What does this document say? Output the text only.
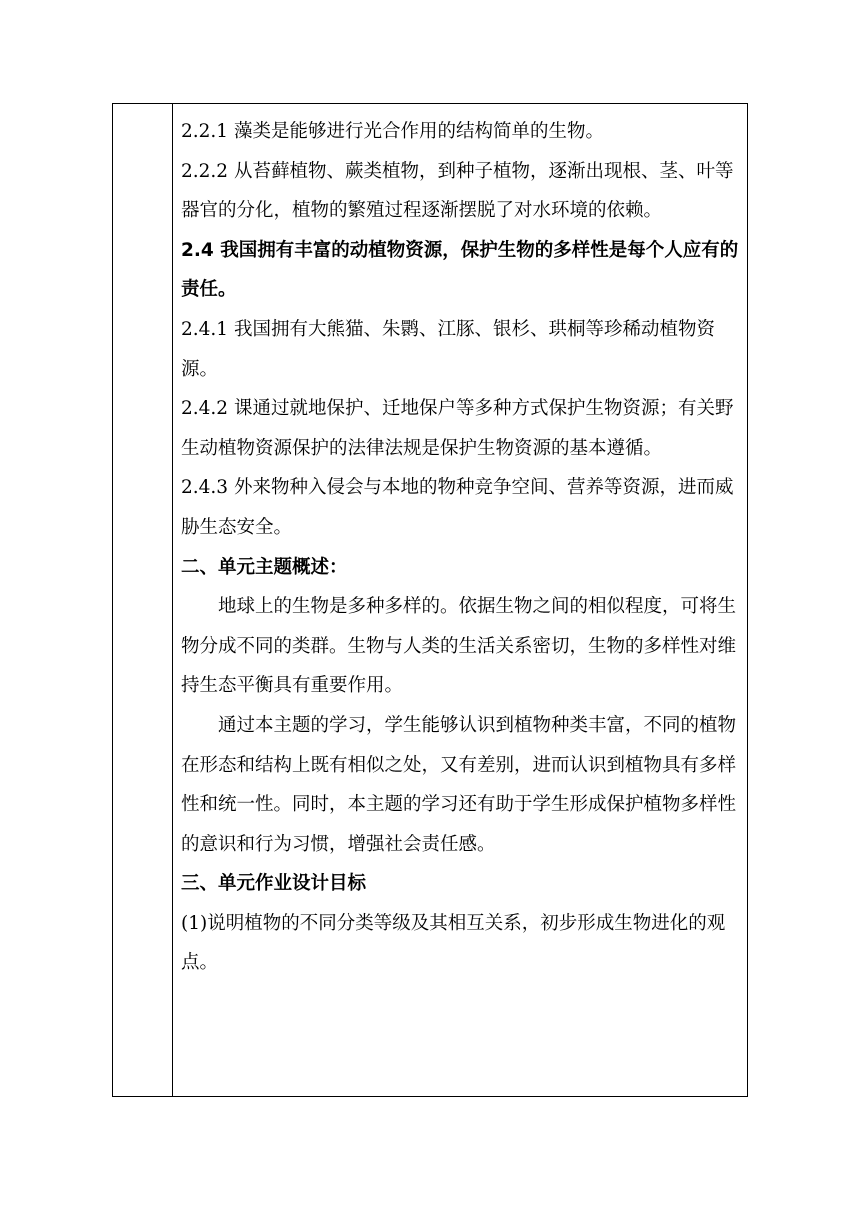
2.2.1 藻类是能够进行光合作用的结构简单的生物。

2.2.2 从苔藓植物、蕨类植物，到种子植物，逐渐出现根、茎、叶等器官的分化，植物的繁殖过程逐渐摆脱了对水环境的依赖。

2.4 我国拥有丰富的动植物资源，保护生物的多样性是每个人应有的责任。

2.4.1 我国拥有大熊猫、朱鹮、江豚、银杉、珙桐等珍稀动植物资源。

2.4.2 课通过就地保护、迁地保户等多种方式保护生物资源；有关野生动植物资源保护的法律法规是保护生物资源的基本遵循。

2.4.3 外来物种入侵会与本地的物种竞争空间、营养等资源，进而威胁生态安全。

二、单元主题概述：

地球上的生物是多种多样的。依据生物之间的相似程度，可将生物分成不同的类群。生物与人类的生活关系密切，生物的多样性对维持生态平衡具有重要作用。

通过本主题的学习，学生能够认识到植物种类丰富，不同的植物在形态和结构上既有相似之处，又有差别，进而认识到植物具有多样性和统一性。同时，本主题的学习还有助于学生形成保护植物多样性的意识和行为习惯，增强社会责任感。

三、单元作业设计目标

(1)说明植物的不同分类等级及其相互关系，初步形成生物进化的观点。
